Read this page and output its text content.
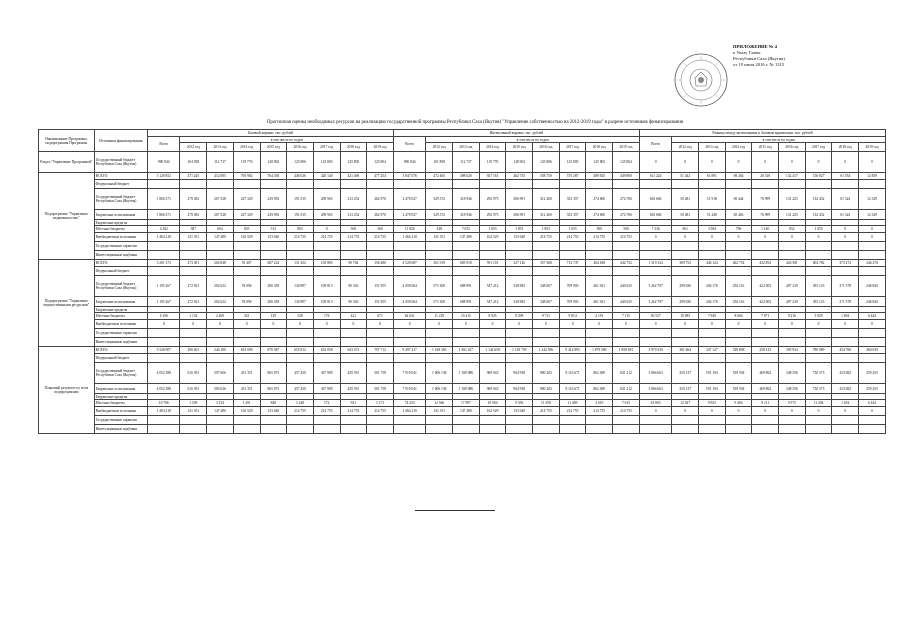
ПРИЛОЖЕНИЕ № 4
к Указу Главы
Республики Саха (Якутия)
от 19 июля 2016 г. № 1315
Прогнозная оценка необходимых ресурсов на реализацию государственной программы Республики Саха (Якутия) "Управление собственностью на 2012-2019 годы" в разрезе источников финансирования
Наименование Программы, подпрограммы Программы	Источники финансирования	Базовый вариант, тыс. рублей									Интенсивный вариант, тыс. рублей									Разница между интенсивным и базовым вариантами, тыс. рублей								
		Всего	в том числе по годам								Всего	в том числе по годам								Всего	в том числе по годам							
			2012 год	2013 год	2014 год	2015 год	2016 год	2017 год	2018 год	2019 год		2012 год	2013 год	2014 год	2015 год	2016 год	2017 год	2018 год	2019 год		2012 год	2013 год	2014 год	2015 год	2016 год	2017 год	2018 год	2019 год
Раздел "Управление Программой"	Государственный бюджет Республики Саха (Якутия)	990 844	104 958	112 737	119 776	128 902	125 806	125 805	125 805	125 804	990 844	101 858	112 737	119 776	128 902	125 806	125 805	125 805	125 804	0	0	0	0	0	0	0	0	0
Подпрограмма "Управление недвижимостью"	ВСЕГО:	5 120 852	471 245	412 085	793 982	764 350	446 026	420 140	421 469	477 254	5 847 076	472 465	498 620	927 161	462 735	558 750	575 287	489 925	449 860	611 224	51 442	61 891	69 264	26 318	132 417	156 827	61 554	12 839
	Федеральный бюджет																											
	Государственный бюджет Республики Саха (Якутия)	1 866 371	279 492	267 528	227 329	229 992	191 015	209 963	213 254	262 970	2 470 027	329 372	318 946	292 975	306 991	312 260	333 357	274 600	274 706	603 666	50 481	51 918	69 444	76 999	131 225	134 432	61 324	12 329
	Бюджетные ассигнования	1 866 371	279 492	267 528	227 329	229 992	191 015	209 963	213 254	262 970	2 470 027	329 372	318 946	292 975	306 991	312 260	333 357	274 600	274 706	603 666	50 481	51 448	65 463	76 999	131 225	134 432	61 324	12 329
	Бюджетные кредиты																											
	Местные бюджеты	4 282	387	604	835	513	803	0	500	560	11 826	348	7 052	1 853	1 853	1 853	1 655	500	500	7 336	961	3 584	796	1 140	852	1 655	0	0
	Внебюджетные источники	1 484 218	141 351	147 480	162 529	153 640	214 755	214 755	214 755	214 755	1 464 210	141 351	147 480	162 529	153 640	214 755	214 755	214 755	214 755	0	0	0	0	0	0	0	0	0
	Государственные гарантии																											
	Инвестиционные надбавки																											
Подпрограмма "Управление имущественными ресурсами"	ВСЕГО:	3 201 373	273 301	264 848	91 407	687 224	131 452	105 883	90 764	156 480	4 520 697	361 919	683 918	591 101	327 126	357 368	712 747	464 638	442 752	1 319 324	309 752	446 124	462 754	432 854	426 581	604 782	373 272	246 276
	Федеральный бюджет																											
	Государственный бюджет Республики Саха (Якутия)	1 195 267	272 921	202 622	93 096	206 359	130 897	109 813	90 343	151 955	4 458 064	571 300	688 991	547 212	328 982	348 007	709 903	461 921	440 635	3 262 797	299 636	436 176	454 116	422 003	407 239	393 123	371 578	246 826
	Бюджетные ассигнования	1 195 267	272 921	202 622	93 096	206 359	130 897	109 813	90 343	151 955	4 458 064	571 300	688 991	547 212	328 982	348 007	709 903	461 921	440 635	3 262 797	299 636	436 176	454 116	422 003	407 239	393 123	371 578	246 826
	Бюджетные кредиты																											
	Местные бюджеты	6 106	1 132	2 469	341	129	528	176	421	671	62 631	11 218	10 415	8 945	8 298	9 711	9 814	2 119	7 115	56 527	10 085	7 949	8 604	7 971	9 216	5 829	1 694	6 444
	Внебюджетные источники	0	0	0	0	0	0	0	0	0	0	0	0	0	0	0	0	0	0	0	0	0	0	0	0	0	0	0
	Государственные гарантии																											
	Инвестиционные надбавки																											
Плановый результат по всем подпрограммам	ВСЕГО:	5 526 907	290 401	244 180	814 009	870 387	655 812	632 058	643 473	797 712	9 497 417	1 168 363	1 361 437	1 142 658	1 128 759	1 242 596	9 412 895	1 879 580	1 858 691	3 970 350	381 464	347 127	528 898	258 123	395 934	780 989	454 760	260 039
	Федеральный бюджет																											
	Государственный бюджет Республики Саха (Якутия)	4 052 388	616 391	597 606	431 351	865 873	457 430	437 989	429 391	501 758	7 919 041	1 006 138	1 180 986	969 943	964 938	880 283	8 116 671	862 490	841 212	3 866 663	250 137	591 194	539 594	469 862	348 356	730 573	433 082	259 455
	Бюджетные ассигнования	4 052 388	616 391	583 636	431 351	865 873	457 430	437 989	429 391	501 758	7 919 041	1 006 138	1 180 986	969 943	964 938	880 283	8 116 671	862 490	841 212	3 866 663	250 137	591 194	539 594	469 862	348 356	730 573	433 082	259 455
	Бюджетные кредиты																											
	Местные бюджеты	10 766	1 539	3 154	1 201	848	1 248	172	921	1 171	74 233	12 566	17 997	10 904	9 356	11 358	11 469	2 619	7 615	63 865	12 027	9 923	9 464	9 111	9 575	11 294	1 654	6 444
	Внебюджетные источники	1 484 218	141 351	147 480	162 529	153 640	214 755	214 755	214 755	214 755	1 464 210	141 351	147 480	162 529	153 640	214 755	214 755	214 755	214 755	0	0	0	0	0	0	0	0	0
	Государственные гарантии																											
	Инвестиционные надбавки																											
